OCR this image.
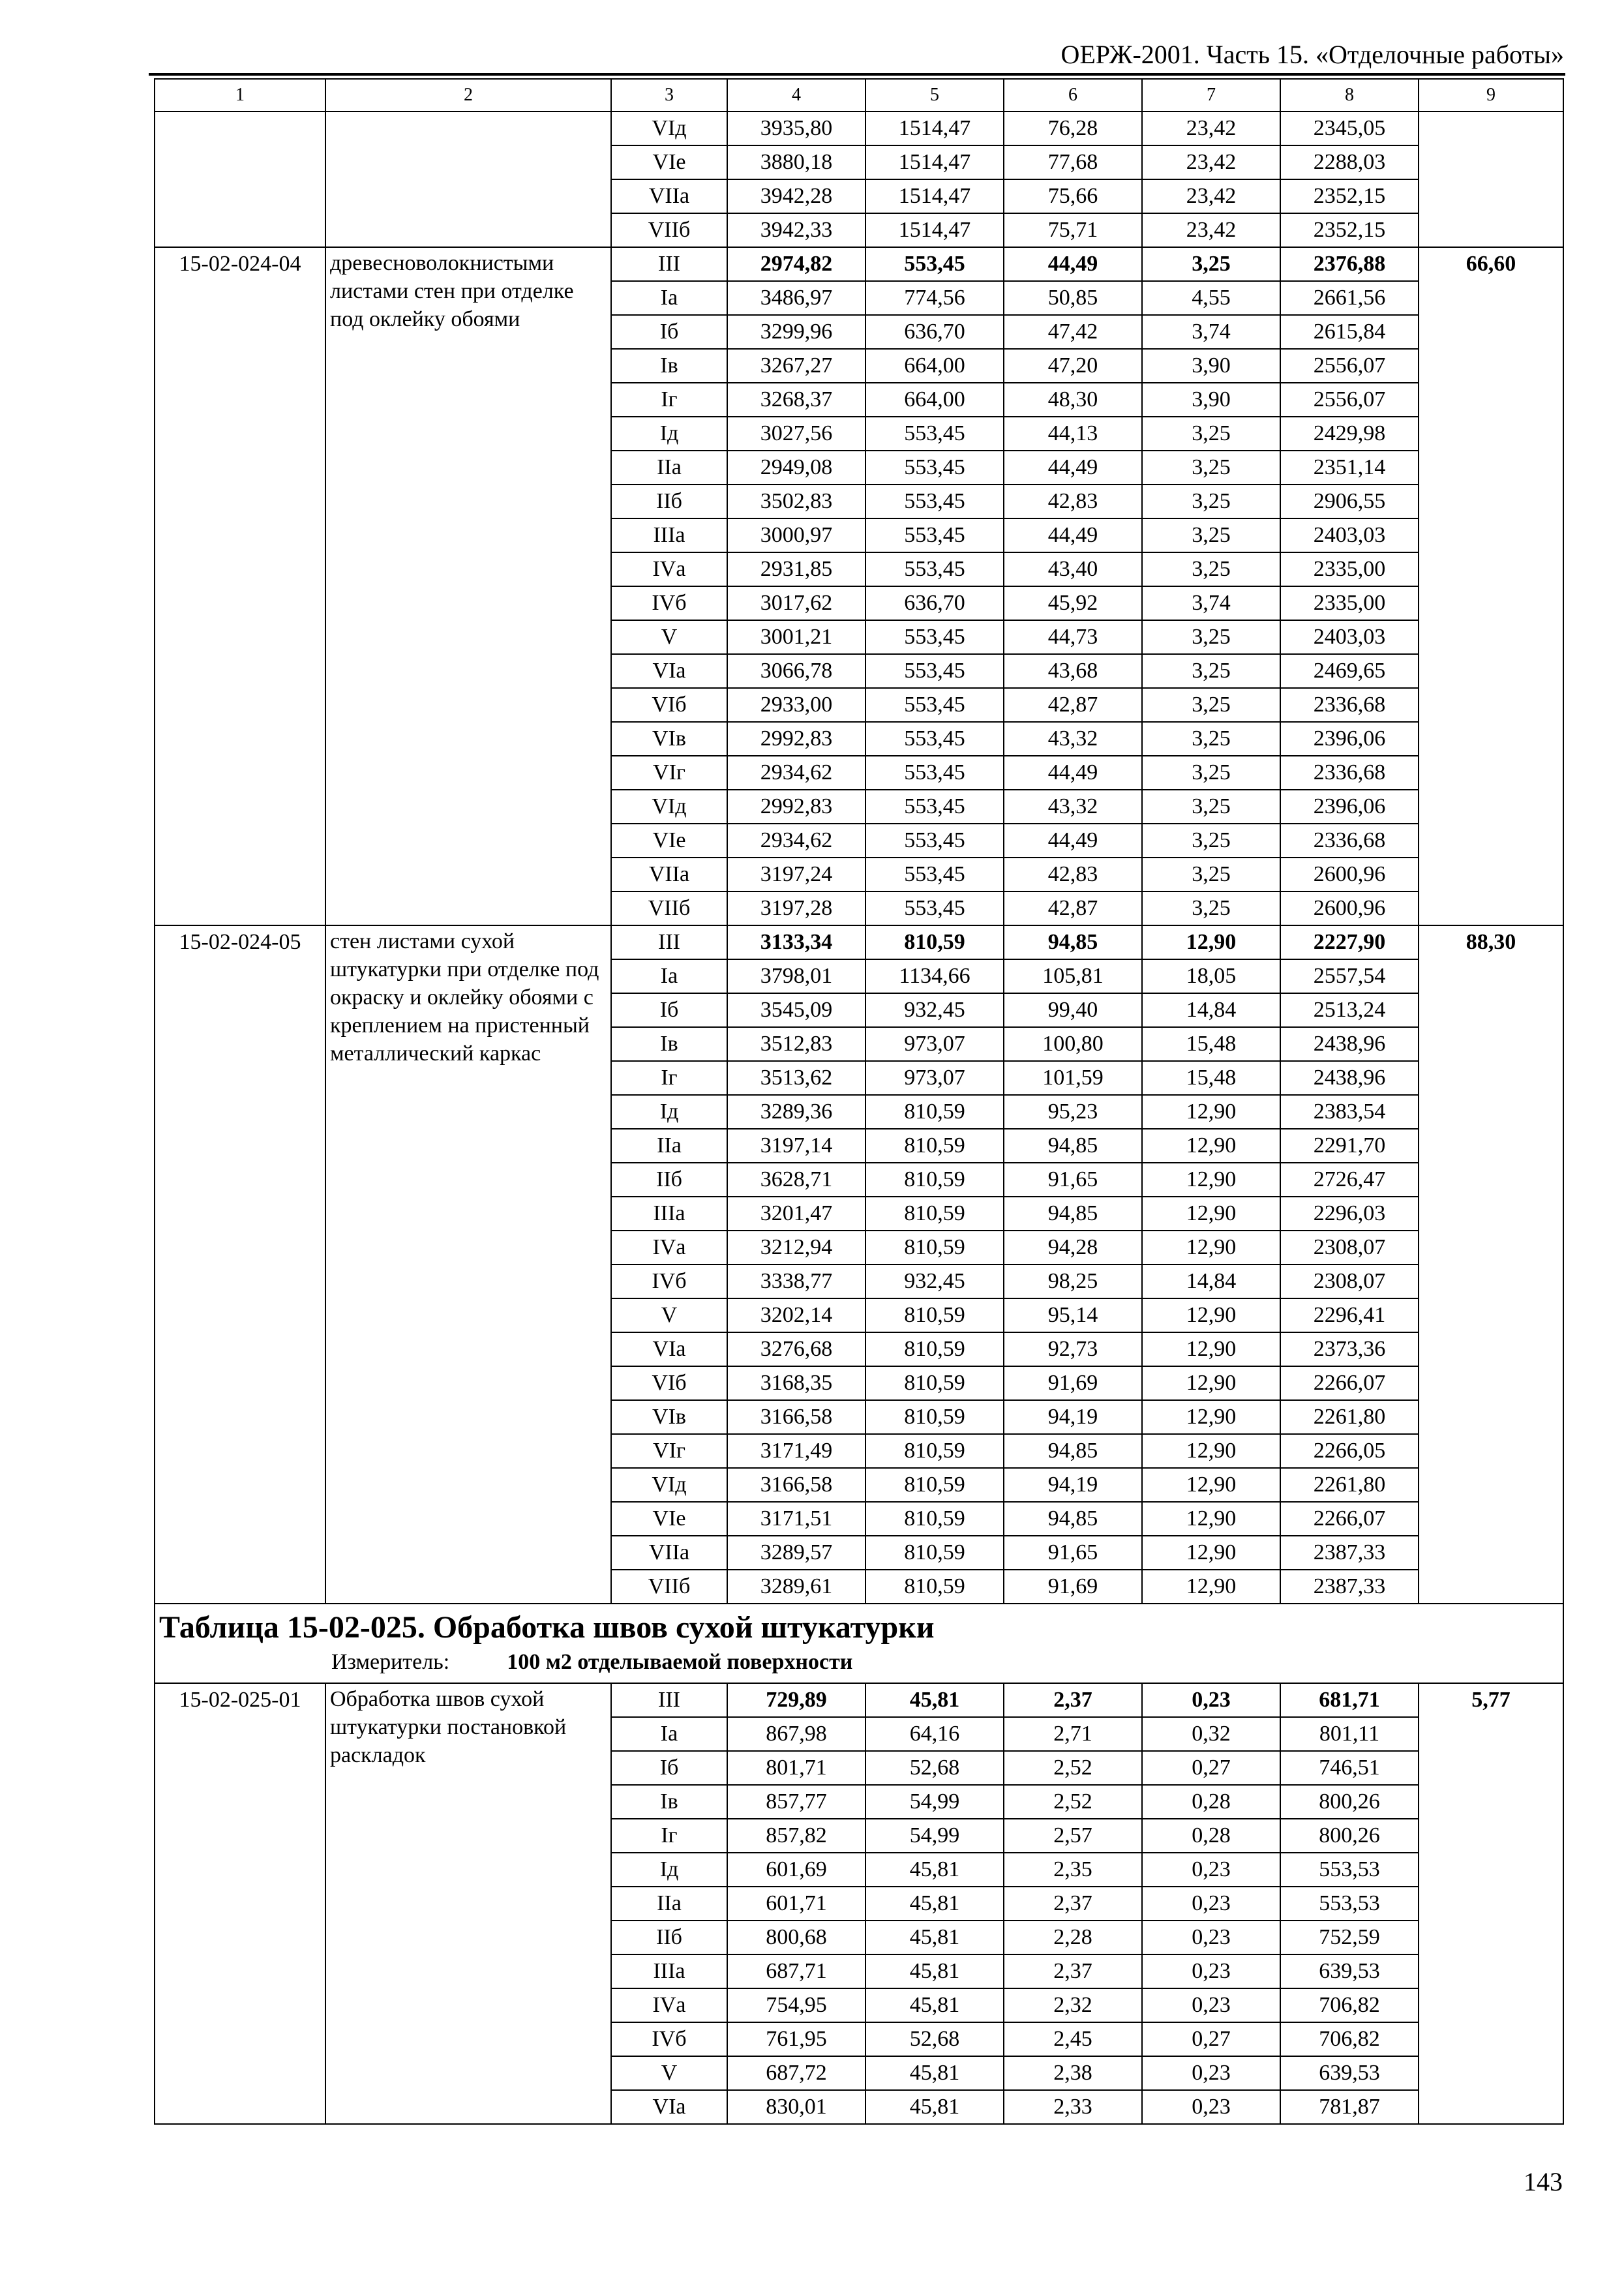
ОЕРЖ-2001. Часть 15. «Отделочные работы»
1	2	3	4	5	6	7	8	9
		VIд	3935,80	1514,47	76,28	23,42	2345,05	
		VIе	3880,18	1514,47	77,68	23,42	2288,03	
		VIIа	3942,28	1514,47	75,66	23,42	2352,15	
		VIIб	3942,33	1514,47	75,71	23,42	2352,15	
15-02-024-04	древесноволокнистыми листами стен при отделке под оклейку обоями	III	2974,82	553,45	44,49	3,25	2376,88	66,60
		Iа	3486,97	774,56	50,85	4,55	2661,56	
		Iб	3299,96	636,70	47,42	3,74	2615,84	
		Iв	3267,27	664,00	47,20	3,90	2556,07	
		Iг	3268,37	664,00	48,30	3,90	2556,07	
		Iд	3027,56	553,45	44,13	3,25	2429,98	
		IIа	2949,08	553,45	44,49	3,25	2351,14	
		IIб	3502,83	553,45	42,83	3,25	2906,55	
		IIIа	3000,97	553,45	44,49	3,25	2403,03	
		IVа	2931,85	553,45	43,40	3,25	2335,00	
		IVб	3017,62	636,70	45,92	3,74	2335,00	
		V	3001,21	553,45	44,73	3,25	2403,03	
		VIа	3066,78	553,45	43,68	3,25	2469,65	
		VIб	2933,00	553,45	42,87	3,25	2336,68	
		VIв	2992,83	553,45	43,32	3,25	2396,06	
		VIг	2934,62	553,45	44,49	3,25	2336,68	
		VIд	2992,83	553,45	43,32	3,25	2396,06	
		VIе	2934,62	553,45	44,49	3,25	2336,68	
		VIIа	3197,24	553,45	42,83	3,25	2600,96	
		VIIб	3197,28	553,45	42,87	3,25	2600,96	
15-02-024-05	стен листами сухой штукатурки при отделке под окраску и оклейку обоями с креплением на пристенный металлический каркас	III	3133,34	810,59	94,85	12,90	2227,90	88,30
		Iа	3798,01	1134,66	105,81	18,05	2557,54	
		Iб	3545,09	932,45	99,40	14,84	2513,24	
		Iв	3512,83	973,07	100,80	15,48	2438,96	
		Iг	3513,62	973,07	101,59	15,48	2438,96	
		Iд	3289,36	810,59	95,23	12,90	2383,54	
		IIа	3197,14	810,59	94,85	12,90	2291,70	
		IIб	3628,71	810,59	91,65	12,90	2726,47	
		IIIа	3201,47	810,59	94,85	12,90	2296,03	
		IVа	3212,94	810,59	94,28	12,90	2308,07	
		IVб	3338,77	932,45	98,25	14,84	2308,07	
		V	3202,14	810,59	95,14	12,90	2296,41	
		VIа	3276,68	810,59	92,73	12,90	2373,36	
		VIб	3168,35	810,59	91,69	12,90	2266,07	
		VIв	3166,58	810,59	94,19	12,90	2261,80	
		VIг	3171,49	810,59	94,85	12,90	2266,05	
		VIд	3166,58	810,59	94,19	12,90	2261,80	
		VIе	3171,51	810,59	94,85	12,90	2266,07	
		VIIа	3289,57	810,59	91,65	12,90	2387,33	
		VIIб	3289,61	810,59	91,69	12,90	2387,33	

Таблица 15-02-025. Обработка швов сухой штукатурки
Измеритель: 100 м2 отделываемой поверхности								

15-02-025-01	Обработка швов сухой штукатурки постановкой раскладок	III	729,89	45,81	2,37	0,23	681,71	5,77
		Iа	867,98	64,16	2,71	0,32	801,11	
		Iб	801,71	52,68	2,52	0,27	746,51	
		Iв	857,77	54,99	2,52	0,28	800,26	
		Iг	857,82	54,99	2,57	0,28	800,26	
		Iд	601,69	45,81	2,35	0,23	553,53	
		IIа	601,71	45,81	2,37	0,23	553,53	
		IIб	800,68	45,81	2,28	0,23	752,59	
		IIIа	687,71	45,81	2,37	0,23	639,53	
		IVа	754,95	45,81	2,32	0,23	706,82	
		IVб	761,95	52,68	2,45	0,27	706,82	
		V	687,72	45,81	2,38	0,23	639,53	
		VIа	830,01	45,81	2,33	0,23	781,87	
143
